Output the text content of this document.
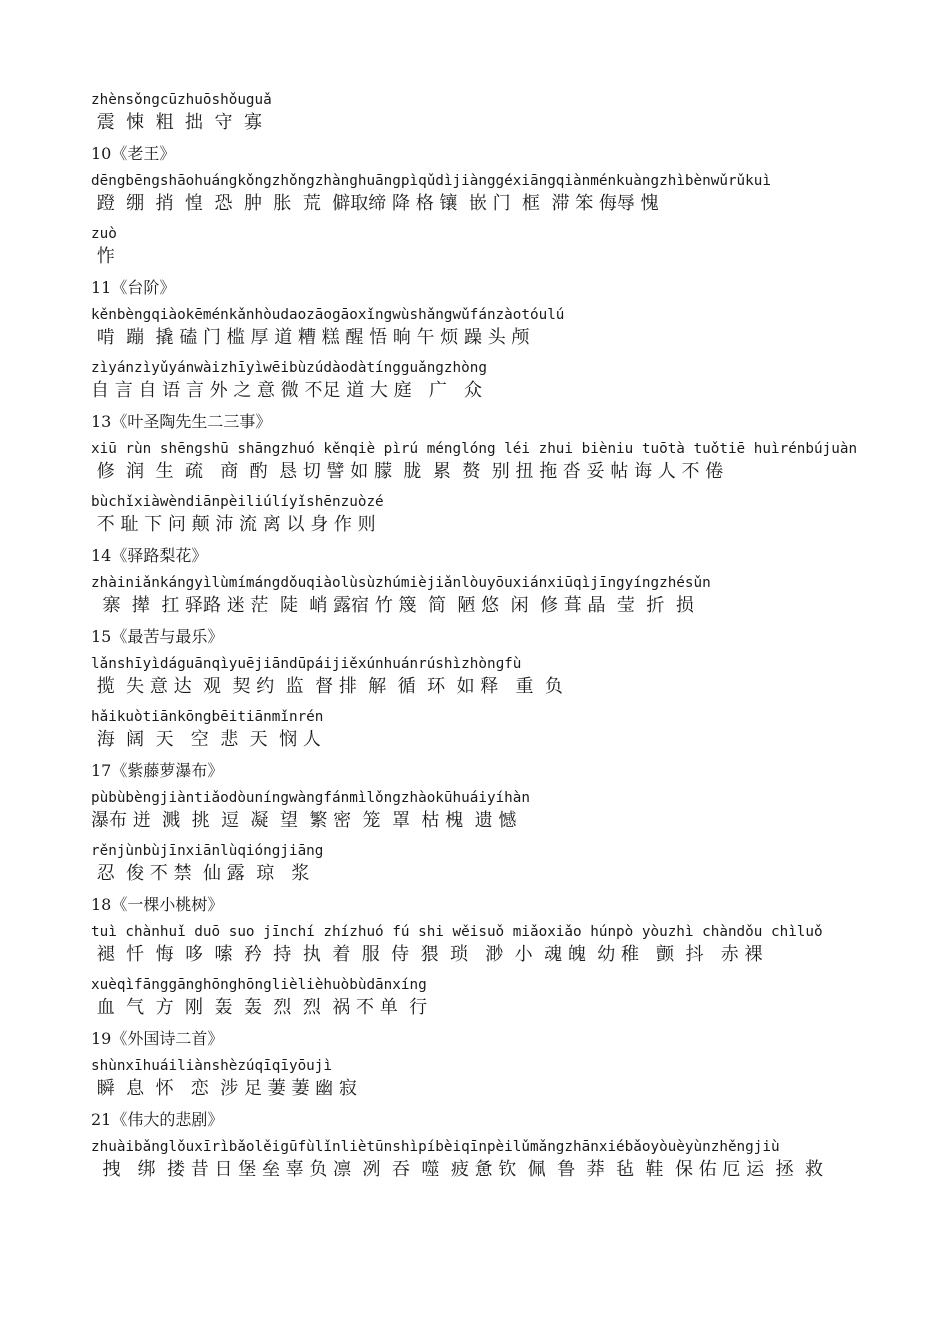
zhènsǒngcūzhuōshǒuguǎ
震  悚  粗  拙  守  寡
10《老王》
dēngbēngshāohuángkǒngzhǒngzhànghuāngpìqǔdìjiànggéxiāngqiànménkuàngzhìbènwǔrǔkuì
蹬  绷  捎  惶  恐  肿  胀  荒  僻取缔 降 格 镶  嵌 门  框  滞 笨 侮辱 愧
zuò
怍
11《台阶》
kěnbèngqiàokēménkǎnhòudaozāogāoxǐngwùshǎngwǔfánzàotóulú
啃  蹦  撬 磕 门 槛 厚 道 糟 糕 醒 悟 晌 午 烦 躁 头 颅
zìyánzìyǔyánwàizhīyìwēibùzúdàodàtíngguǎngzhòng
自 言 自 语 言 外 之 意 微 不足 道 大 庭   广   众
13《叶圣陶先生二三事》
xiū rùn shēngshū shāngzhuó kěnqiè pìrú ménglóng léi zhui bièniu tuōtà tuǒtiē huìrénbújuàn
修  润  生  疏   商  酌  恳 切 譬 如 朦  胧  累  赘  别 扭 拖 沓 妥 帖 诲 人 不 倦
bùchǐxiàwèndiānpèiliúlíyǐshēnzuòzé
不 耻 下 问 颠 沛 流 离 以 身 作 则
14《驿路梨花》
zhàiniǎnkángyìlùmímángdǒuqiàolùsùzhúmièjiǎnlòuyōuxiánxiūqìjīngyíngzhésǔn
寨  撵  扛 驿路 迷 茫  陡  峭 露宿 竹 篾  简  陋 悠  闲  修 葺 晶  莹  折  损
15《最苦与最乐》
lǎnshīyìdáguānqìyuējiāndūpáijiěxúnhuánrúshìzhònɡfù
揽  失 意 达  观  契 约  监  督 排  解  循  环  如 释   重  负
hǎikuòtiānkōngbēitiānmǐnrén
海  阔  天   空  悲  天  悯 人
17《紫藤萝瀑布》
pùbùbèngjiàntiǎodòuníngwàngfánmìlǒngzhàokūhuáiyíhàn
瀑布 迸  溅  挑  逗  凝  望  繁 密  笼  罩  枯 槐  遗 憾
rěnjùnbùjīnxiānlùqióngjiāng
忍  俊 不 禁  仙 露  琼   浆
18《一棵小桃树》
tuì chànhuǐ duō suo jīnchí zhízhuó fú shi wěisuǒ miǎoxiǎo húnpò yòuzhì chàndǒu chìluǒ
褪  忏  悔  哆  嗦  矜  持  执  着  服  侍  猥  琐   渺  小  魂 魄  幼 稚   颤  抖   赤 裸
xuèqìfānggānghōnghōnglièlièhuòbùdānxíng
血  气  方  刚  轰  轰  烈  烈  祸 不 单  行
19《外国诗二首》
shùnxīhuáiliànshèzúqīqīyōujì
瞬  息  怀   恋  涉 足 萋 萋 幽 寂
21《伟大的悲剧》
zhuàibǎnglǒuxīrìbǎolěigūfùlǐnliètūnshìpíbèiqīnpèilǔmǎngzhānxiébǎoyòuèyùnzhěngjiù
拽   绑  搂 昔 日 堡 垒 辜 负 凛  冽  吞  噬  疲 惫 钦  佩  鲁  莽  毡  鞋  保 佑 厄 运  拯  救
